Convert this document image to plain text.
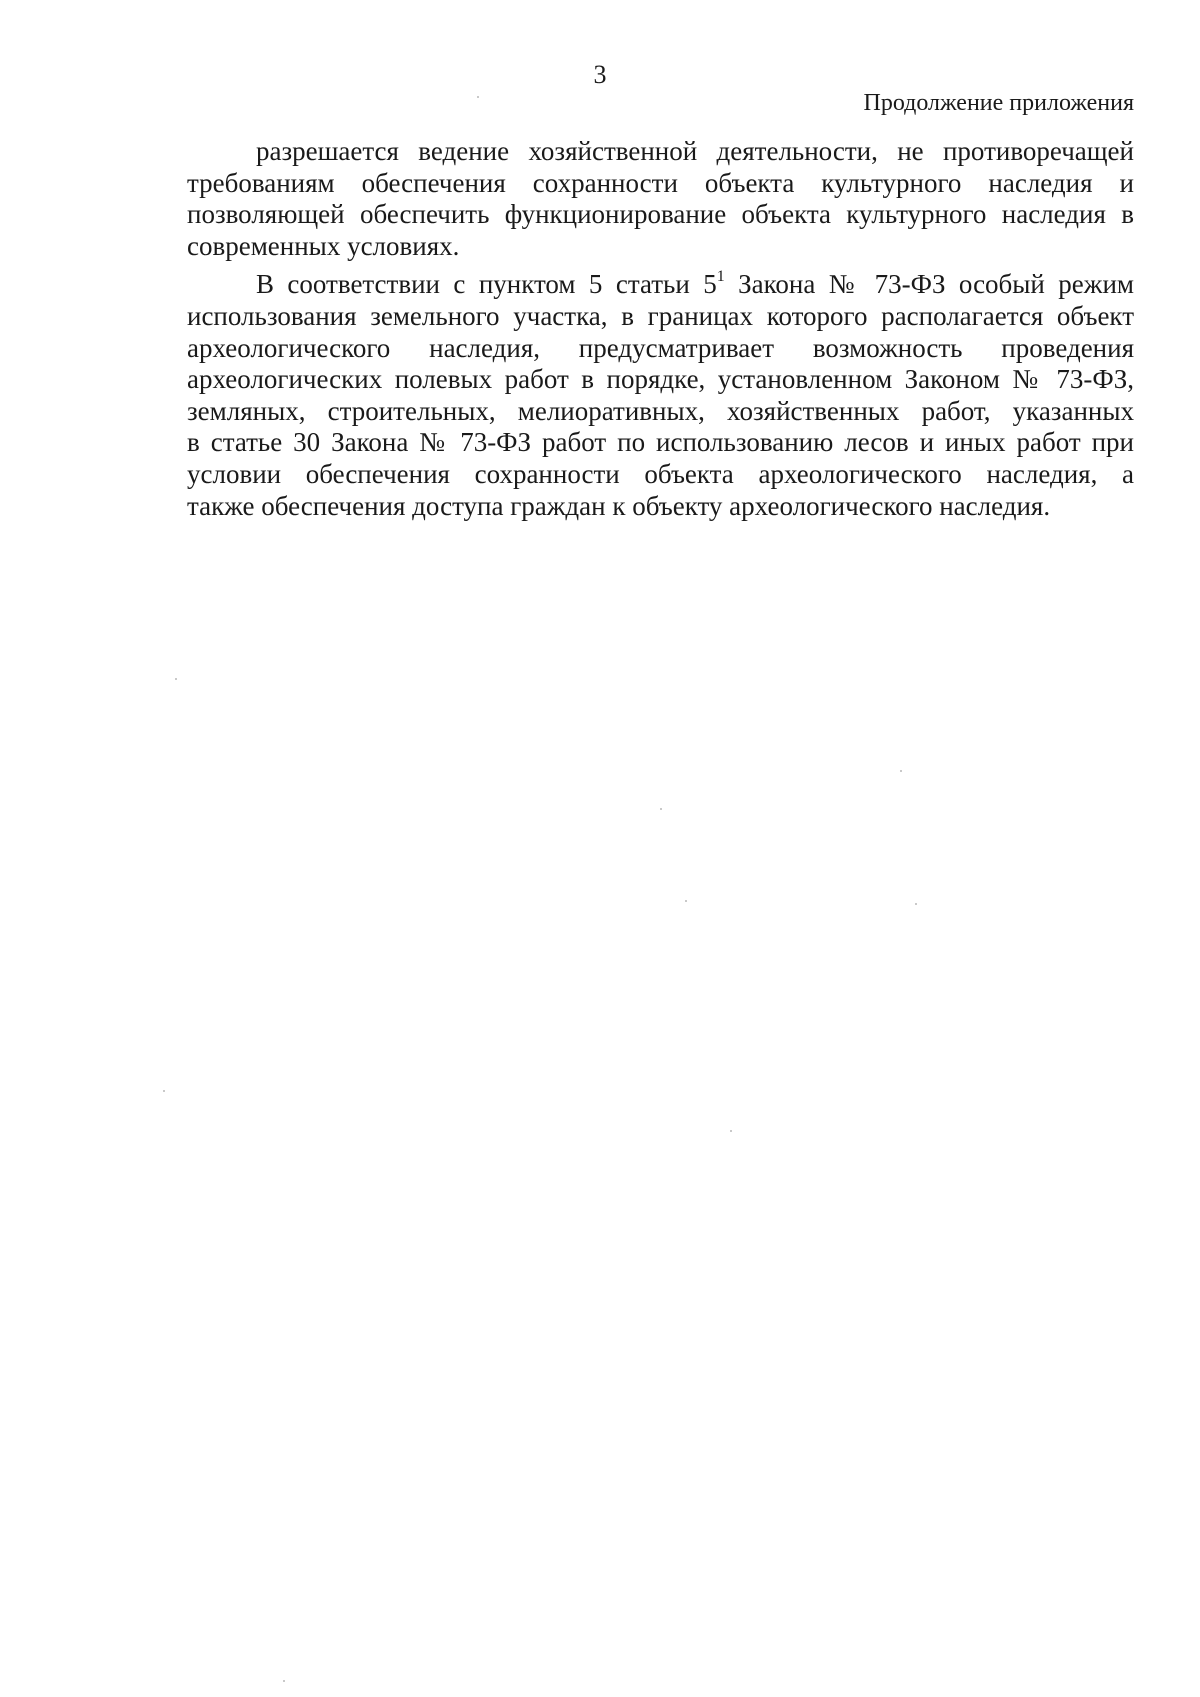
3
Продолжение приложения

разрешается ведение хозяйственной деятельности, не противоречащей
требованиям обеспечения сохранности объекта культурного наследия и
позволяющей обеспечить функционирование объекта культурного наследия в
современных условиях.

В соответствии с пунктом 5 статьи $5^1$ Закона № 73-ФЗ особый режим
использования земельного участка, в границах которого располагается объект
археологического наследия, предусматривает возможность проведения
археологических полевых работ в порядке, установленном Законом № 73-ФЗ,
земляных, строительных, мелиоративных, хозяйственных работ, указанных
в статье 30 Закона № 73-ФЗ работ по использованию лесов и иных работ при
условии обеспечения сохранности объекта археологического наследия, а
также обеспечения доступа граждан к объекту археологического наследия.
